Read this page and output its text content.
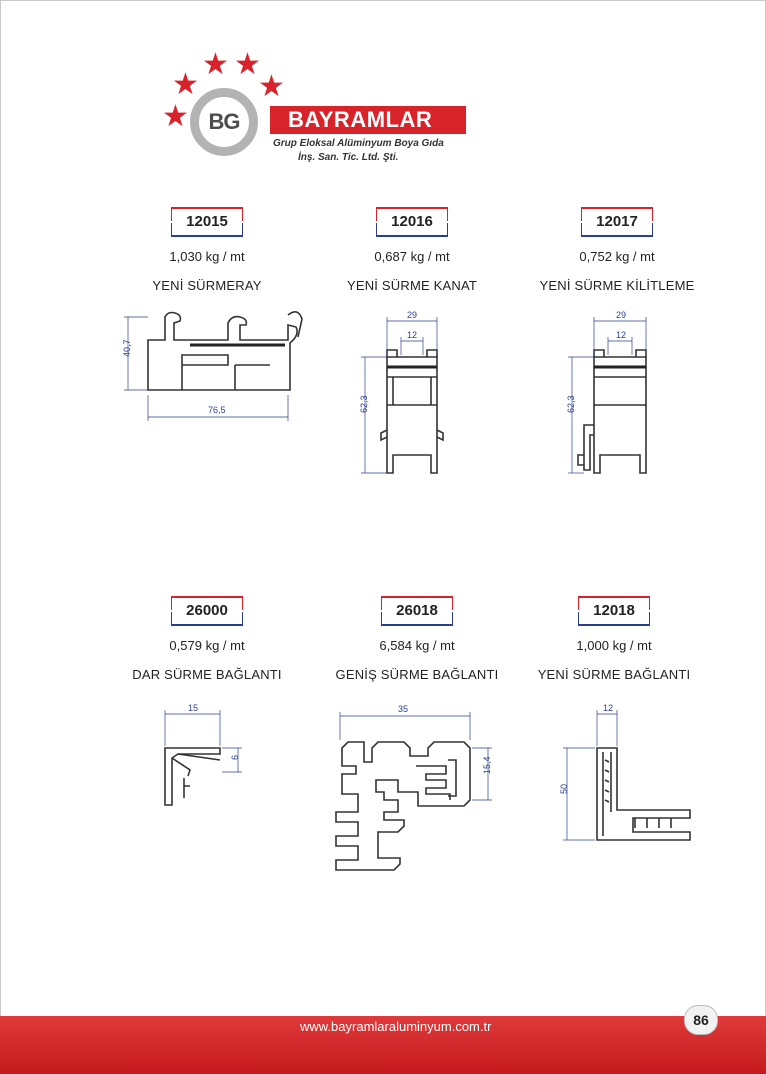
★
★
★ ★
★
BG	BAYRAMLAR
Grup Eloksal Alüminyum Boya Gıda
İnş. San. Tic. Ltd. Şti.
12015
1,030 kg / mt
YENİ SÜRMERAY
40,7
76,5
12016
0,687 kg / mt
YENİ SÜRME KANAT
29
12
62,3
12017
0,752 kg / mt
YENİ SÜRME KİLİTLEME
29
12
62,3
26000
0,579 kg / mt
DAR SÜRME BAĞLANTI
15
6
26018
6,584 kg / mt
GENİŞ SÜRME BAĞLANTI
35
15,4
12018
1,000 kg / mt
YENİ SÜRME BAĞLANTI
12
50
www.bayramlaraluminyum.com.tr	86
